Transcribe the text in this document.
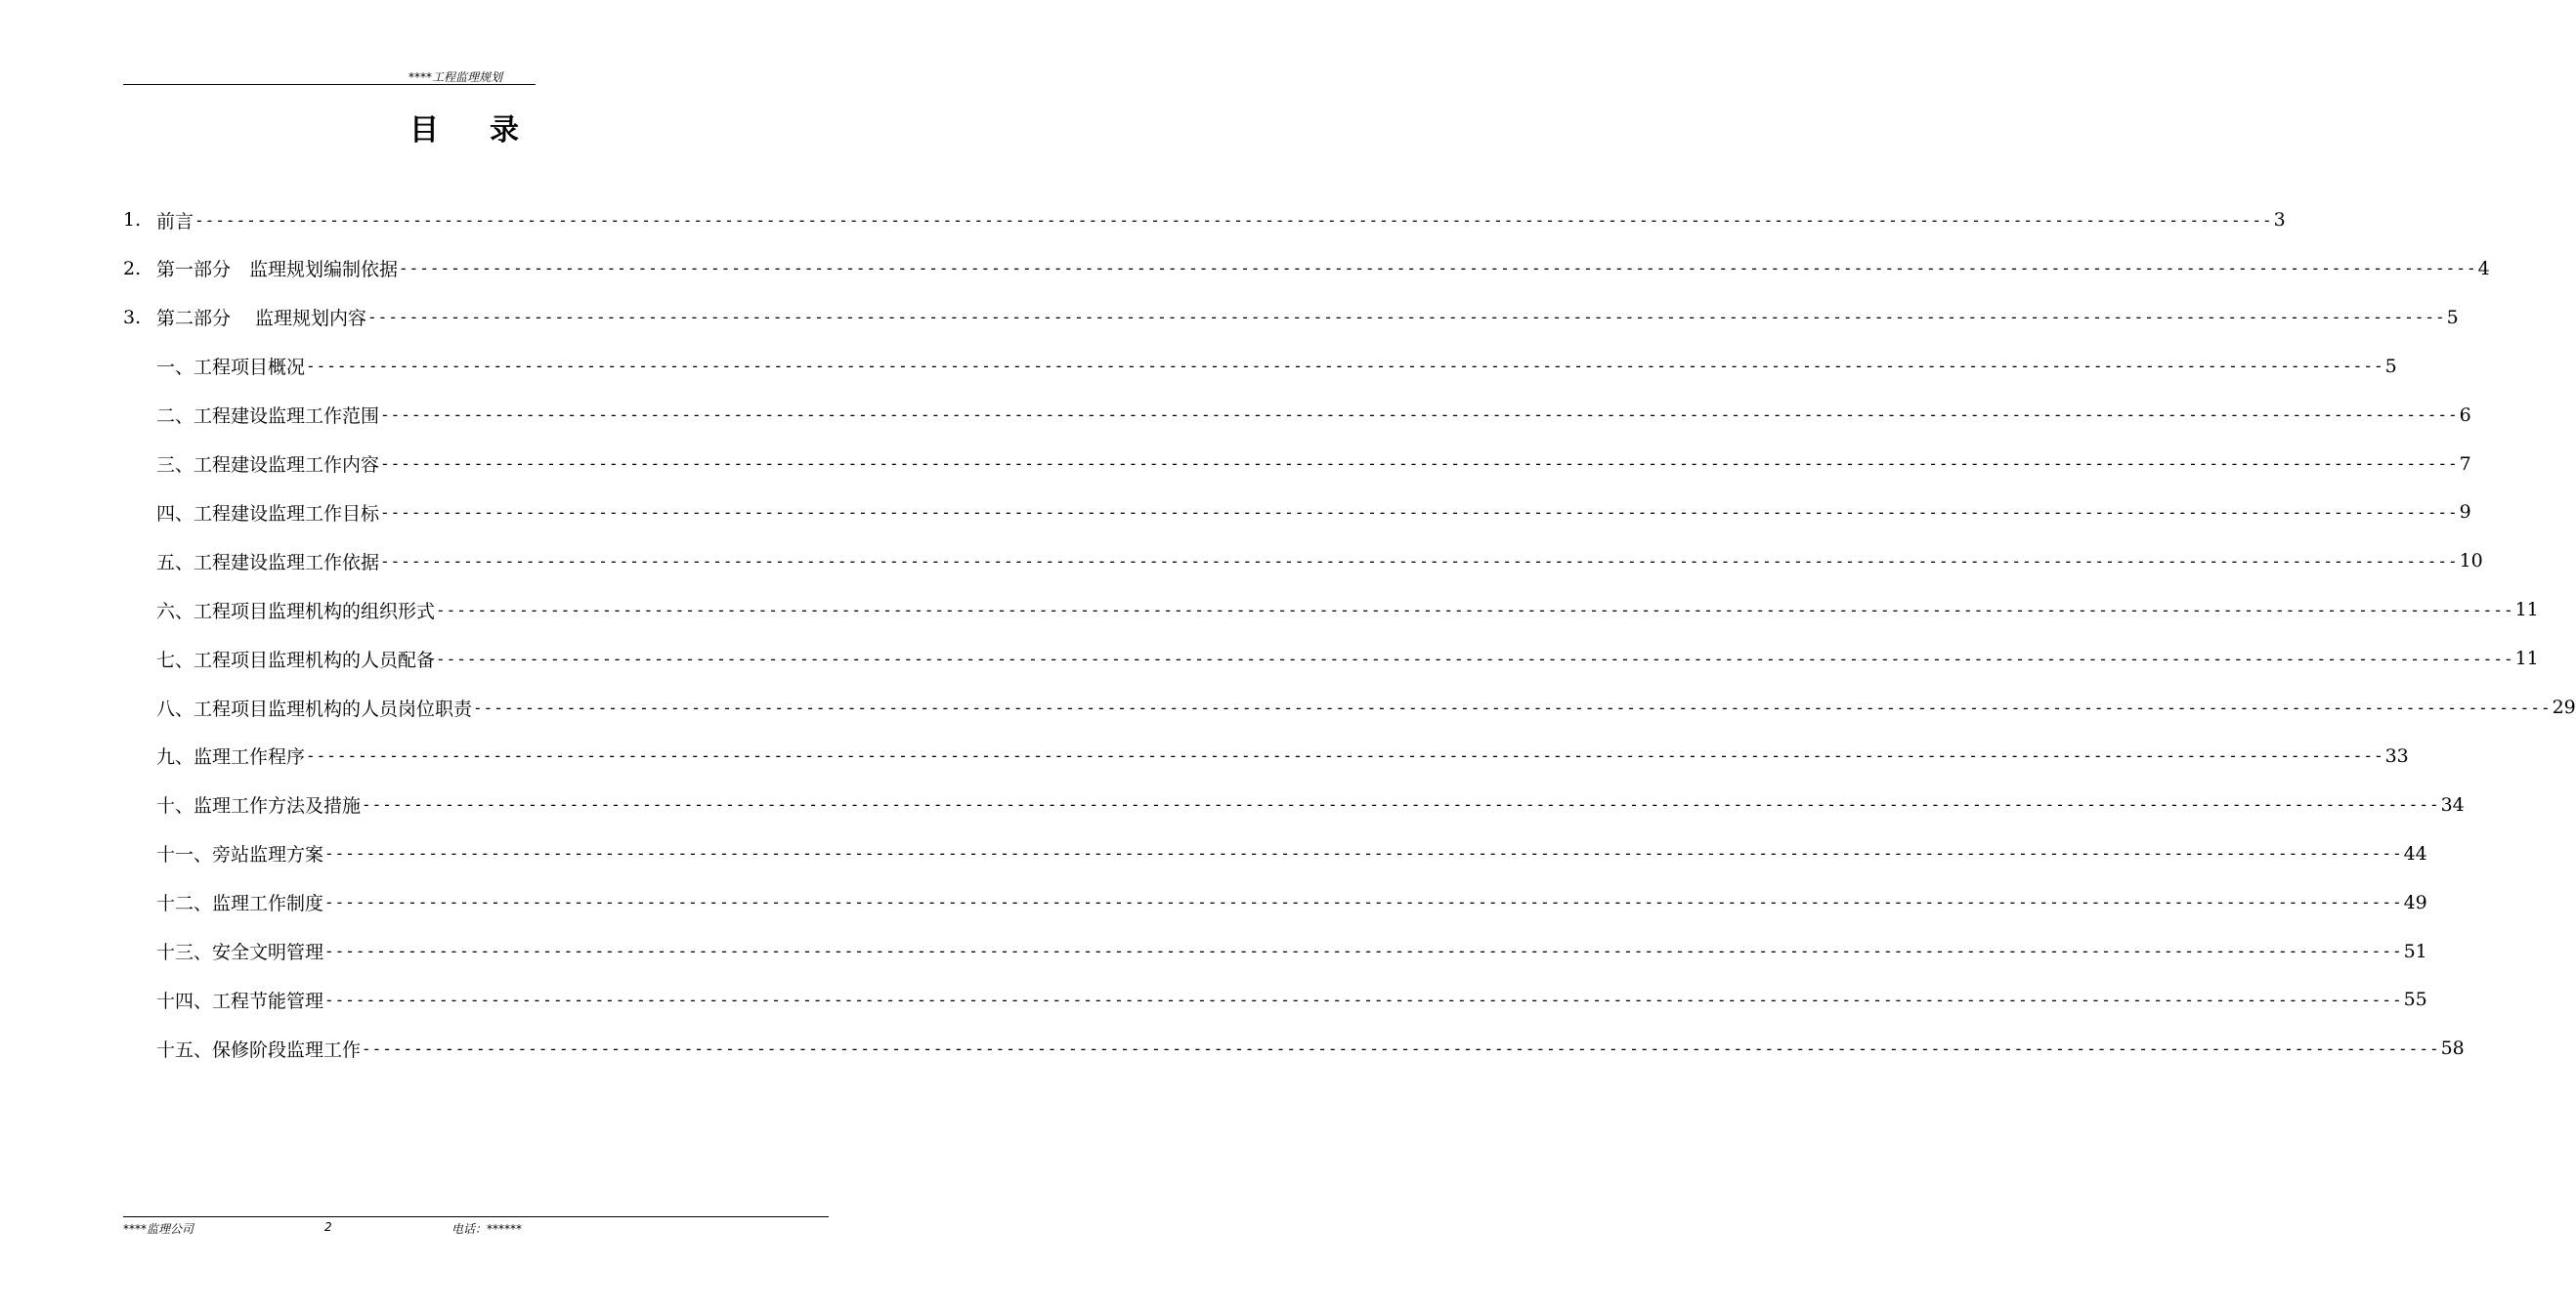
****工程监理规划
目录
1. 前言 -------------------------------------------------------------------------------------------------------------------------------------------------------------------------------------------------------- 3
2. 第一部分　监理规划编制依据 -------------------------------------------------------------------------------------------------------------------------------------------------------------------------------------------------------- 4
3. 第二部分　 监理规划内容 -------------------------------------------------------------------------------------------------------------------------------------------------------------------------------------------------------- 5
一、工程项目概况 -------------------------------------------------------------------------------------------------------------------------------------------------------------------------------------------------------- 5
二、工程建设监理工作范围 -------------------------------------------------------------------------------------------------------------------------------------------------------------------------------------------------------- 6
三、工程建设监理工作内容 -------------------------------------------------------------------------------------------------------------------------------------------------------------------------------------------------------- 7
四、工程建设监理工作目标 -------------------------------------------------------------------------------------------------------------------------------------------------------------------------------------------------------- 9
五、工程建设监理工作依据 -------------------------------------------------------------------------------------------------------------------------------------------------------------------------------------------------------- 10
六、工程项目监理机构的组织形式 -------------------------------------------------------------------------------------------------------------------------------------------------------------------------------------------------------- 11
七、工程项目监理机构的人员配备 -------------------------------------------------------------------------------------------------------------------------------------------------------------------------------------------------------- 11
八、工程项目监理机构的人员岗位职责 -------------------------------------------------------------------------------------------------------------------------------------------------------------------------------------------------------- 29
九、监理工作程序 -------------------------------------------------------------------------------------------------------------------------------------------------------------------------------------------------------- 33
十、监理工作方法及措施 -------------------------------------------------------------------------------------------------------------------------------------------------------------------------------------------------------- 34
十一、旁站监理方案 -------------------------------------------------------------------------------------------------------------------------------------------------------------------------------------------------------- 44
十二、监理工作制度 -------------------------------------------------------------------------------------------------------------------------------------------------------------------------------------------------------- 49
十三、安全文明管理 -------------------------------------------------------------------------------------------------------------------------------------------------------------------------------------------------------- 51
十四、工程节能管理 -------------------------------------------------------------------------------------------------------------------------------------------------------------------------------------------------------- 55
十五、保修阶段监理工作 -------------------------------------------------------------------------------------------------------------------------------------------------------------------------------------------------------- 58
****监理公司	2	电话：******
